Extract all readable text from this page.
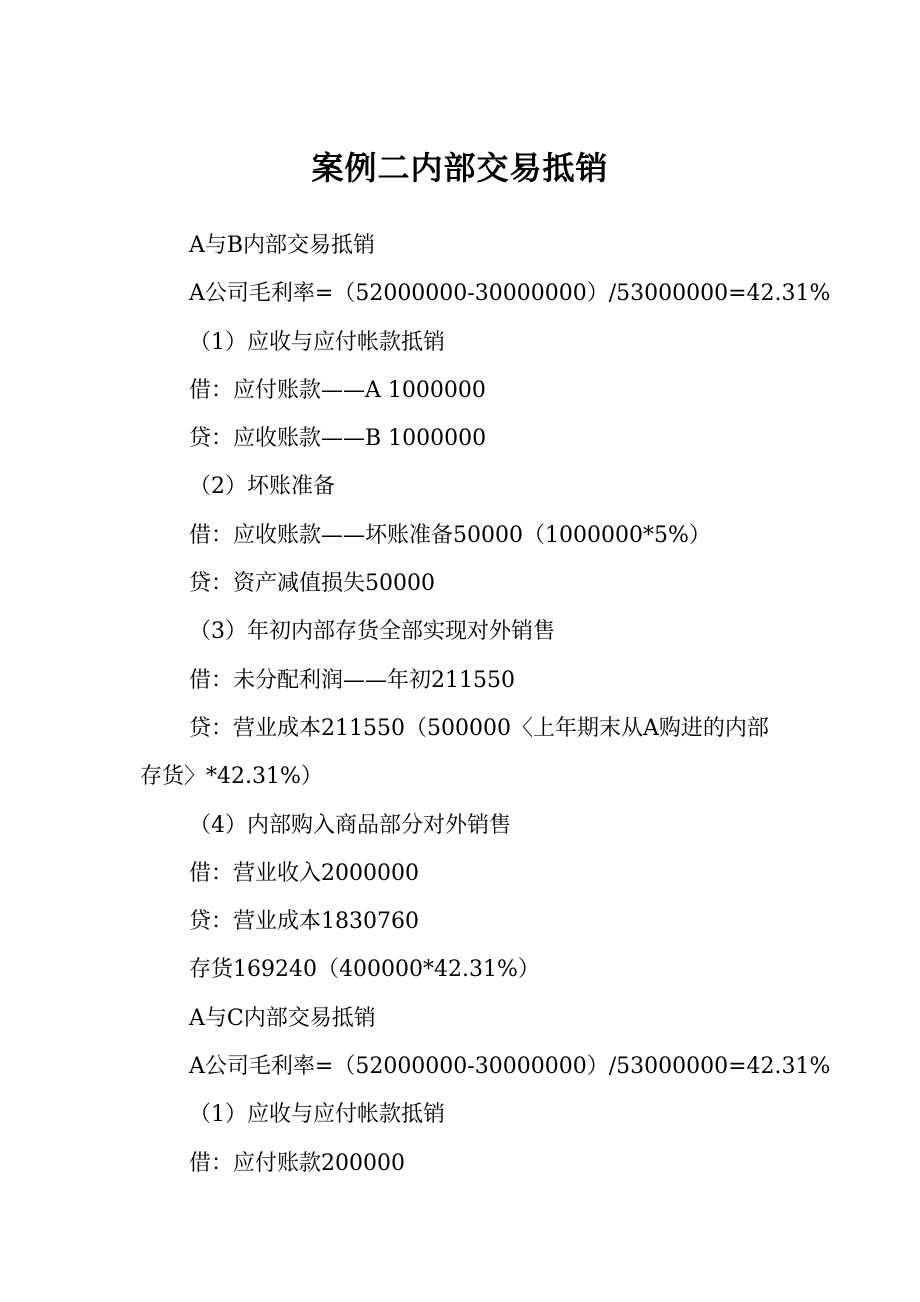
案例二内部交易抵销

A与B内部交易抵销

A公司毛利率=（52000000-30000000）/53000000=42.31%

（1）应收与应付帐款抵销

借：应付账款——A 1000000

贷：应收账款——B 1000000

（2）坏账准备

借：应收账款——坏账准备50000（1000000*5%）

贷：资产减值损失50000

（3）年初内部存货全部实现对外销售

借：未分配利润——年初211550

贷：营业成本211550（500000〈上年期末从A购进的内部存货〉*42.31%）

（4）内部购入商品部分对外销售

借：营业收入2000000

贷：营业成本1830760

存货169240（400000*42.31%）

A与C内部交易抵销

A公司毛利率=（52000000-30000000）/53000000=42.31%

（1）应收与应付帐款抵销

借：应付账款200000
